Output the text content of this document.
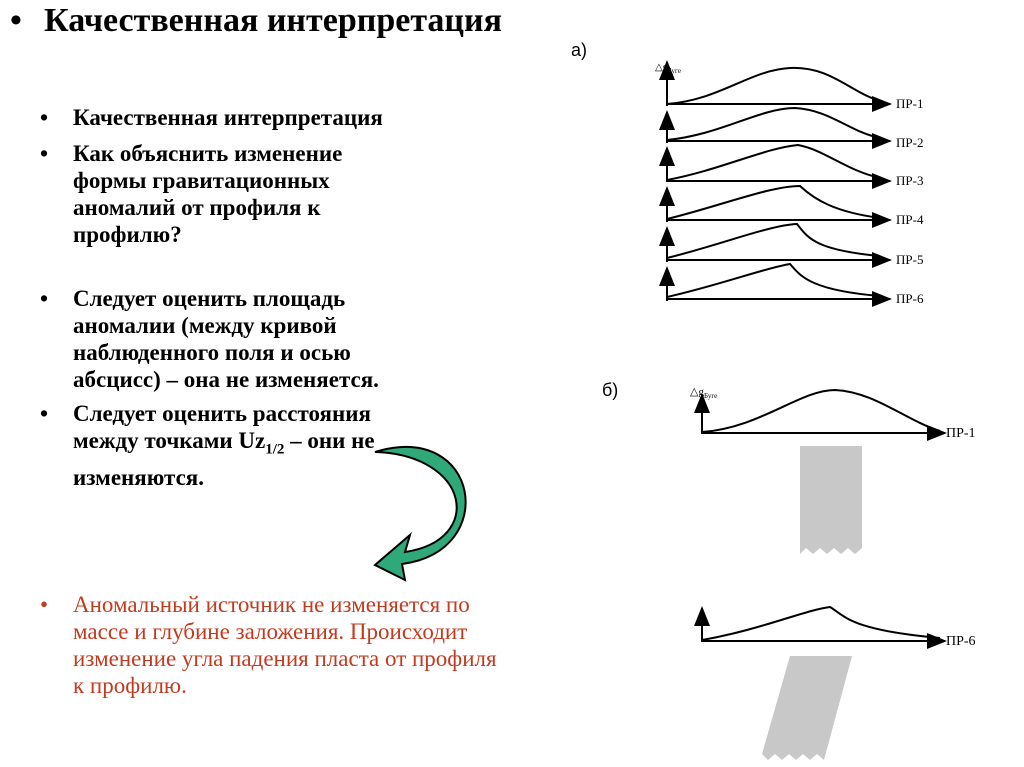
• Качественная интерпретация
• Качественная интерпретация
• Как объяснить изменение формы гравитационных аномалий от профиля к профилю?
• Следует оценить площадь аномалии (между кривой наблюденного поля и осью абсцисс) – она не изменяется.
• Следует оценить расстояния между точками $Uz_{1/2}$ – они не изменяются.
• Аномальный источник не изменяется по массе и глубине заложения. Происходит изменение угла падения пласта от профиля к профилю.
а)
б)
$\triangle g_{Буге}$
ПР-1
ПР-2
ПР-3
ПР-4
ПР-5
ПР-6
$\triangle g_{Буге}$
ПР-1
ПР-6
